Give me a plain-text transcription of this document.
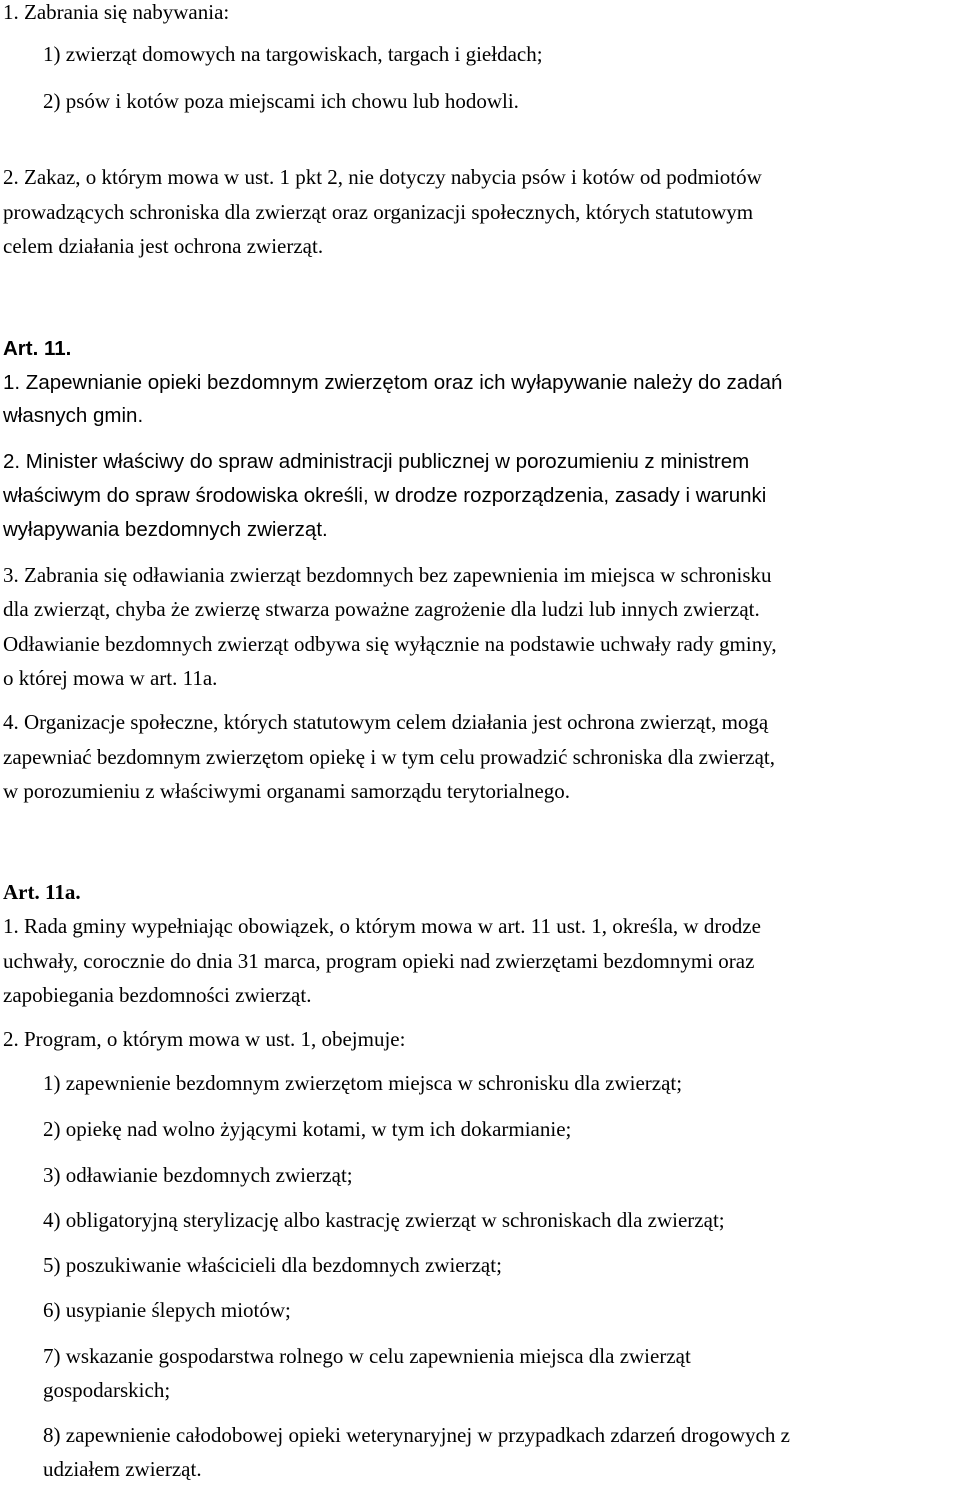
1. Zabrania się nabywania:
1) zwierząt domowych na targowiskach, targach i giełdach;
2) psów i kotów poza miejscami ich chowu lub hodowli.
2. Zakaz, o którym mowa w ust. 1 pkt 2, nie dotyczy nabycia psów i kotów od podmiotów
prowadzących schroniska dla zwierząt oraz organizacji społecznych, których statutowym
celem działania jest ochrona zwierząt.
Art. 11.
1. Zapewnianie opieki bezdomnym zwierzętom oraz ich wyłapywanie należy do zadań
własnych gmin.
2. Minister właściwy do spraw administracji publicznej w porozumieniu z ministrem
właściwym do spraw środowiska określi, w drodze rozporządzenia, zasady i warunki
wyłapywania bezdomnych zwierząt.
3. Zabrania się odławiania zwierząt bezdomnych bez zapewnienia im miejsca w schronisku
dla zwierząt, chyba że zwierzę stwarza poważne zagrożenie dla ludzi lub innych zwierząt.
Odławianie bezdomnych zwierząt odbywa się wyłącznie na podstawie uchwały rady gminy,
o której mowa w art. 11a.
4. Organizacje społeczne, których statutowym celem działania jest ochrona zwierząt, mogą
zapewniać bezdomnym zwierzętom opiekę i w tym celu prowadzić schroniska dla zwierząt,
w porozumieniu z właściwymi organami samorządu terytorialnego.
Art. 11a.
1. Rada gminy wypełniając obowiązek, o którym mowa w art. 11 ust. 1, określa, w drodze
uchwały, corocznie do dnia 31 marca, program opieki nad zwierzętami bezdomnymi oraz
zapobiegania bezdomności zwierząt.
2. Program, o którym mowa w ust. 1, obejmuje:
1) zapewnienie bezdomnym zwierzętom miejsca w schronisku dla zwierząt;
2) opiekę nad wolno żyjącymi kotami, w tym ich dokarmianie;
3) odławianie bezdomnych zwierząt;
4) obligatoryjną sterylizację albo kastrację zwierząt w schroniskach dla zwierząt;
5) poszukiwanie właścicieli dla bezdomnych zwierząt;
6) usypianie ślepych miotów;
7) wskazanie gospodarstwa rolnego w celu zapewnienia miejsca dla zwierząt
gospodarskich;
8) zapewnienie całodobowej opieki weterynaryjnej w przypadkach zdarzeń drogowych z
udziałem zwierząt.
